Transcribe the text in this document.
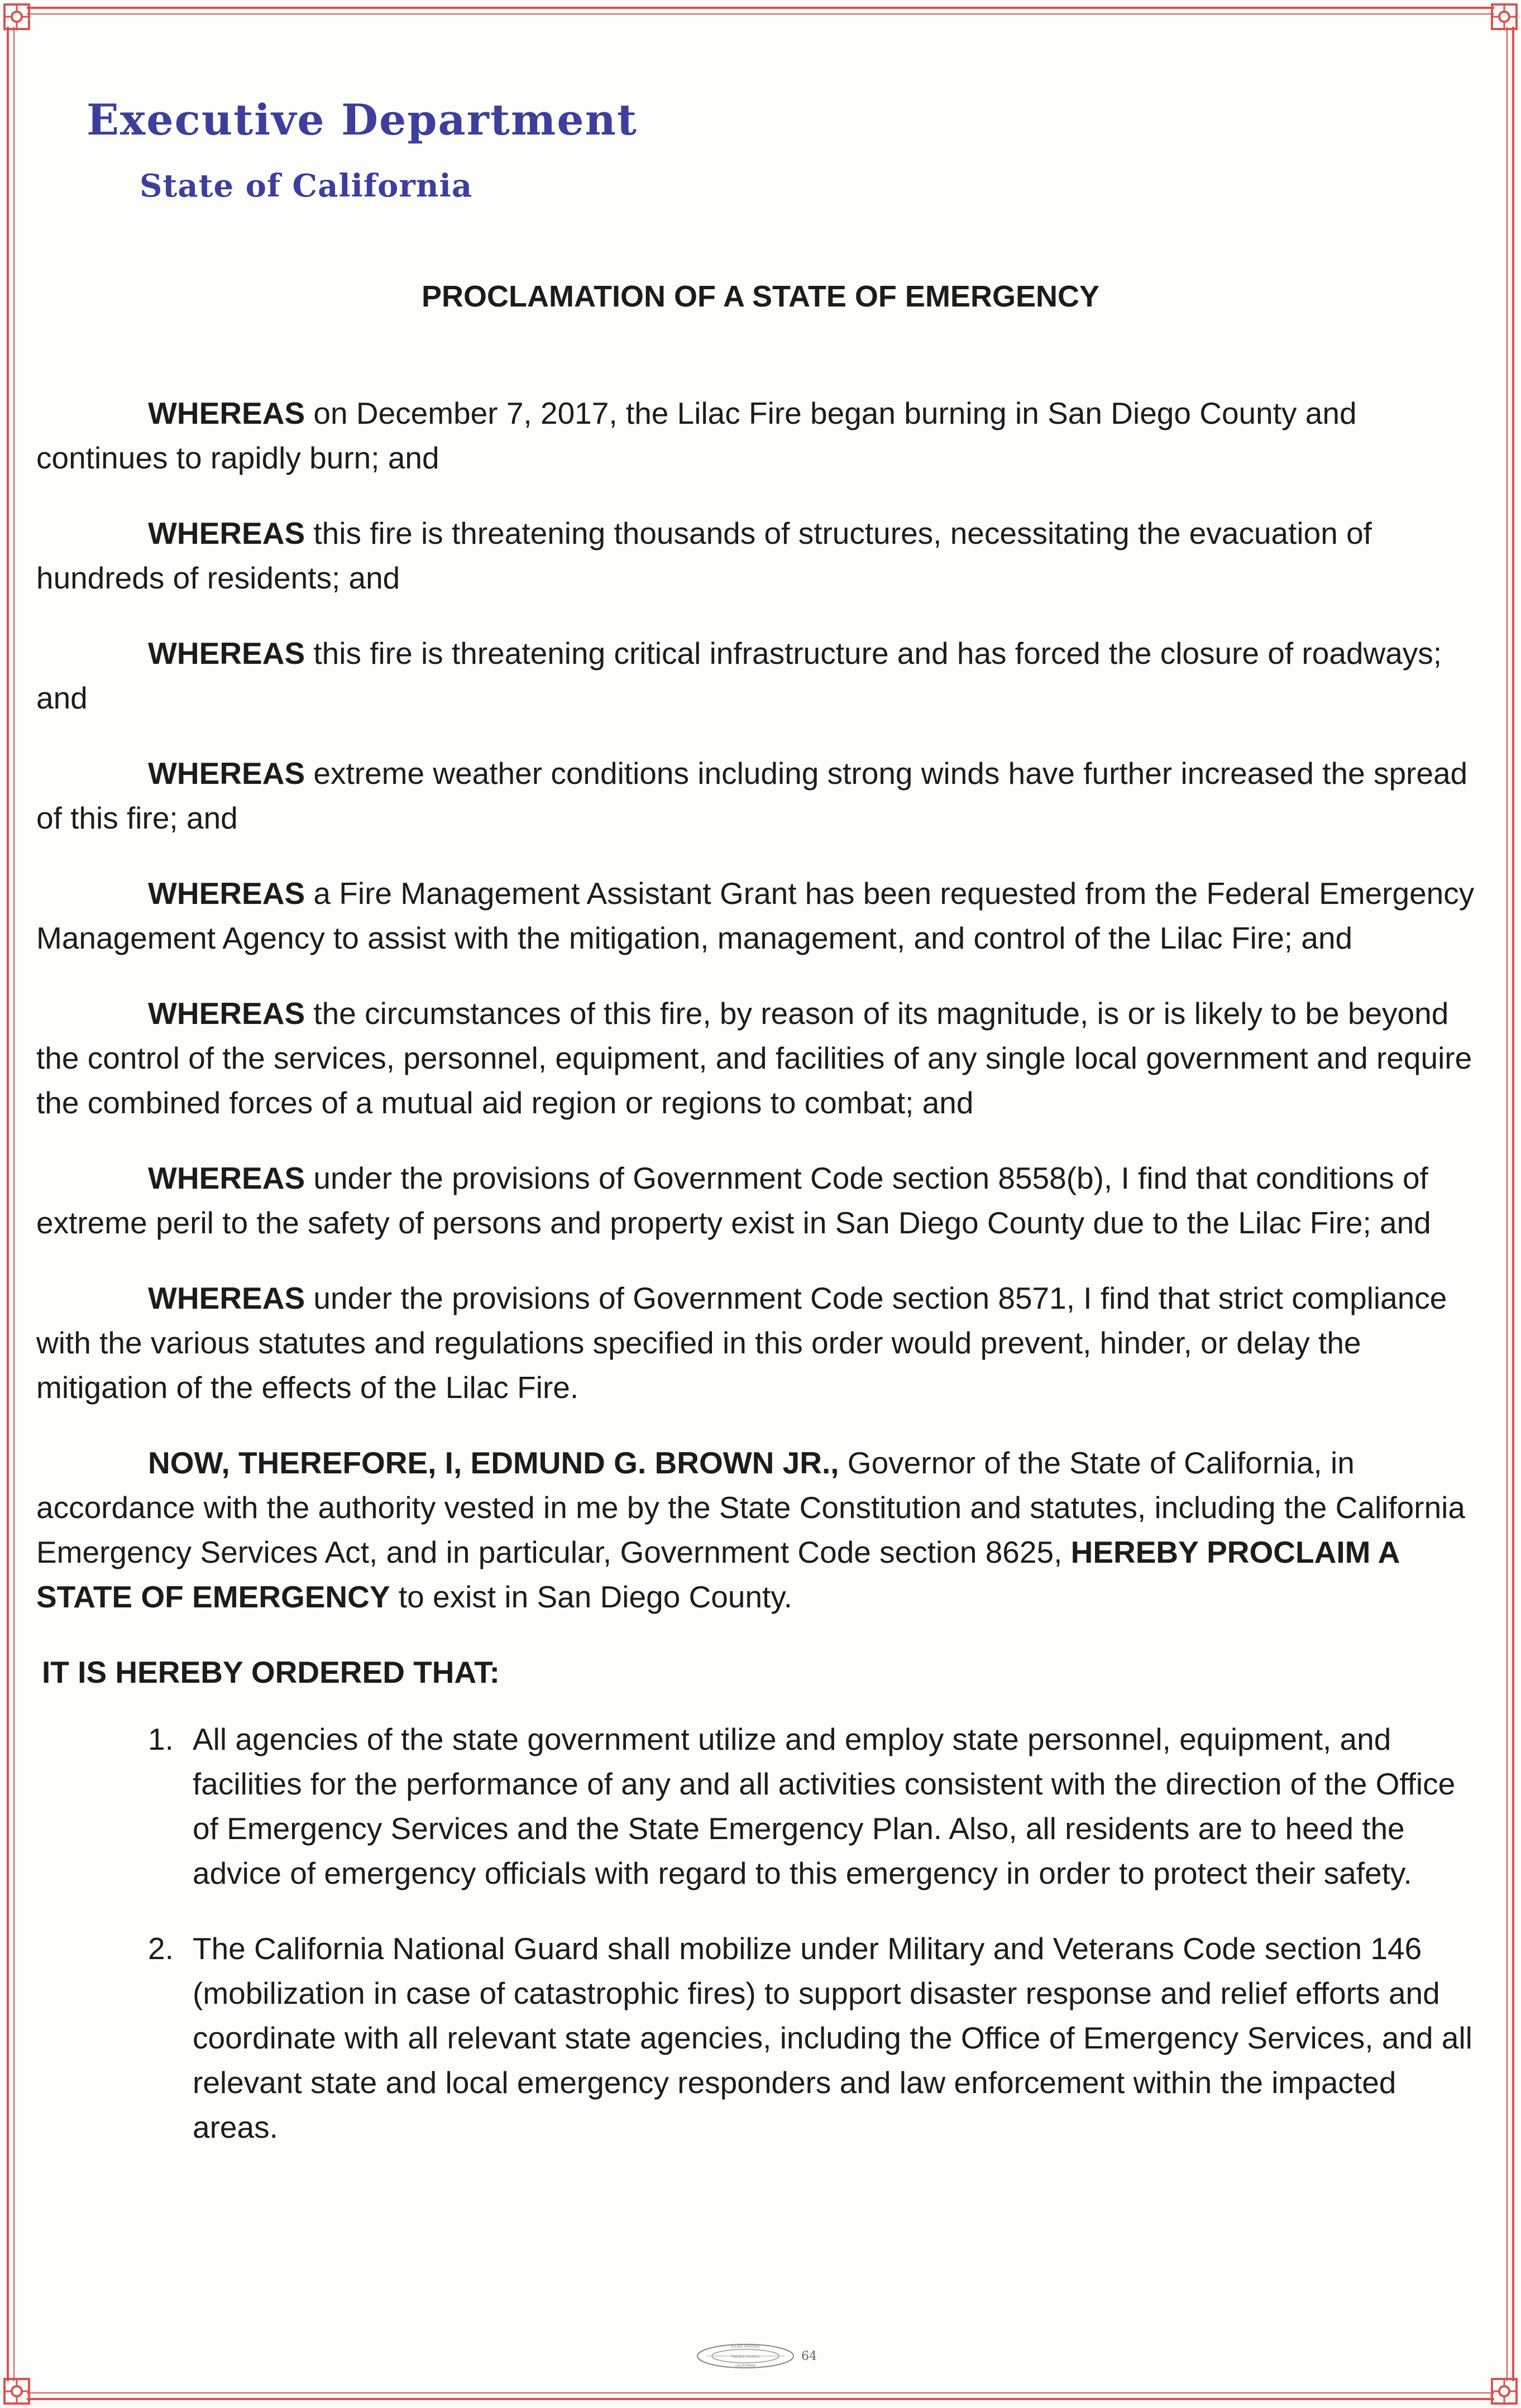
Executive Department
State of California
PROCLAMATION OF A STATE OF EMERGENCY

WHEREAS on December 7, 2017, the Lilac Fire began burning in San Diego County and continues to rapidly burn; and

WHEREAS this fire is threatening thousands of structures, necessitating the evacuation of hundreds of residents; and

WHEREAS this fire is threatening critical infrastructure and has forced the closure of roadways; and

WHEREAS extreme weather conditions including strong winds have further increased the spread of this fire; and

WHEREAS a Fire Management Assistant Grant has been requested from the Federal Emergency Management Agency to assist with the mitigation, management, and control of the Lilac Fire; and

WHEREAS the circumstances of this fire, by reason of its magnitude, is or is likely to be beyond the control of the services, personnel, equipment, and facilities of any single local government and require the combined forces of a mutual aid region or regions to combat; and

WHEREAS under the provisions of Government Code section 8558(b), I find that conditions of extreme peril to the safety of persons and property exist in San Diego County due to the Lilac Fire; and

WHEREAS under the provisions of Government Code section 8571, I find that strict compliance with the various statutes and regulations specified in this order would prevent, hinder, or delay the mitigation of the effects of the Lilac Fire.

NOW, THEREFORE, I, EDMUND G. BROWN JR., Governor of the State of California, in accordance with the authority vested in me by the State Constitution and statutes, including the California Emergency Services Act, and in particular, Government Code section 8625, HEREBY PROCLAIM A STATE OF EMERGENCY to exist in San Diego County.

IT IS HEREBY ORDERED THAT:
1. All agencies of the state government utilize and employ state personnel, equipment, and facilities for the performance of any and all activities consistent with the direction of the Office of Emergency Services and the State Emergency Plan. Also, all residents are to heed the advice of emergency officials with regard to this emergency in order to protect their safety.
2. The California National Guard shall mobilize under Military and Veterans Code section 146 (mobilization in case of catastrophic fires) to support disaster response and relief efforts and coordinate with all relevant state agencies, including the Office of Emergency Services, and all relevant state and local emergency responders and law enforcement within the impacted areas.
ALLIED PRINTING
TRADES COUNCIL
CALIFORNIA
64
